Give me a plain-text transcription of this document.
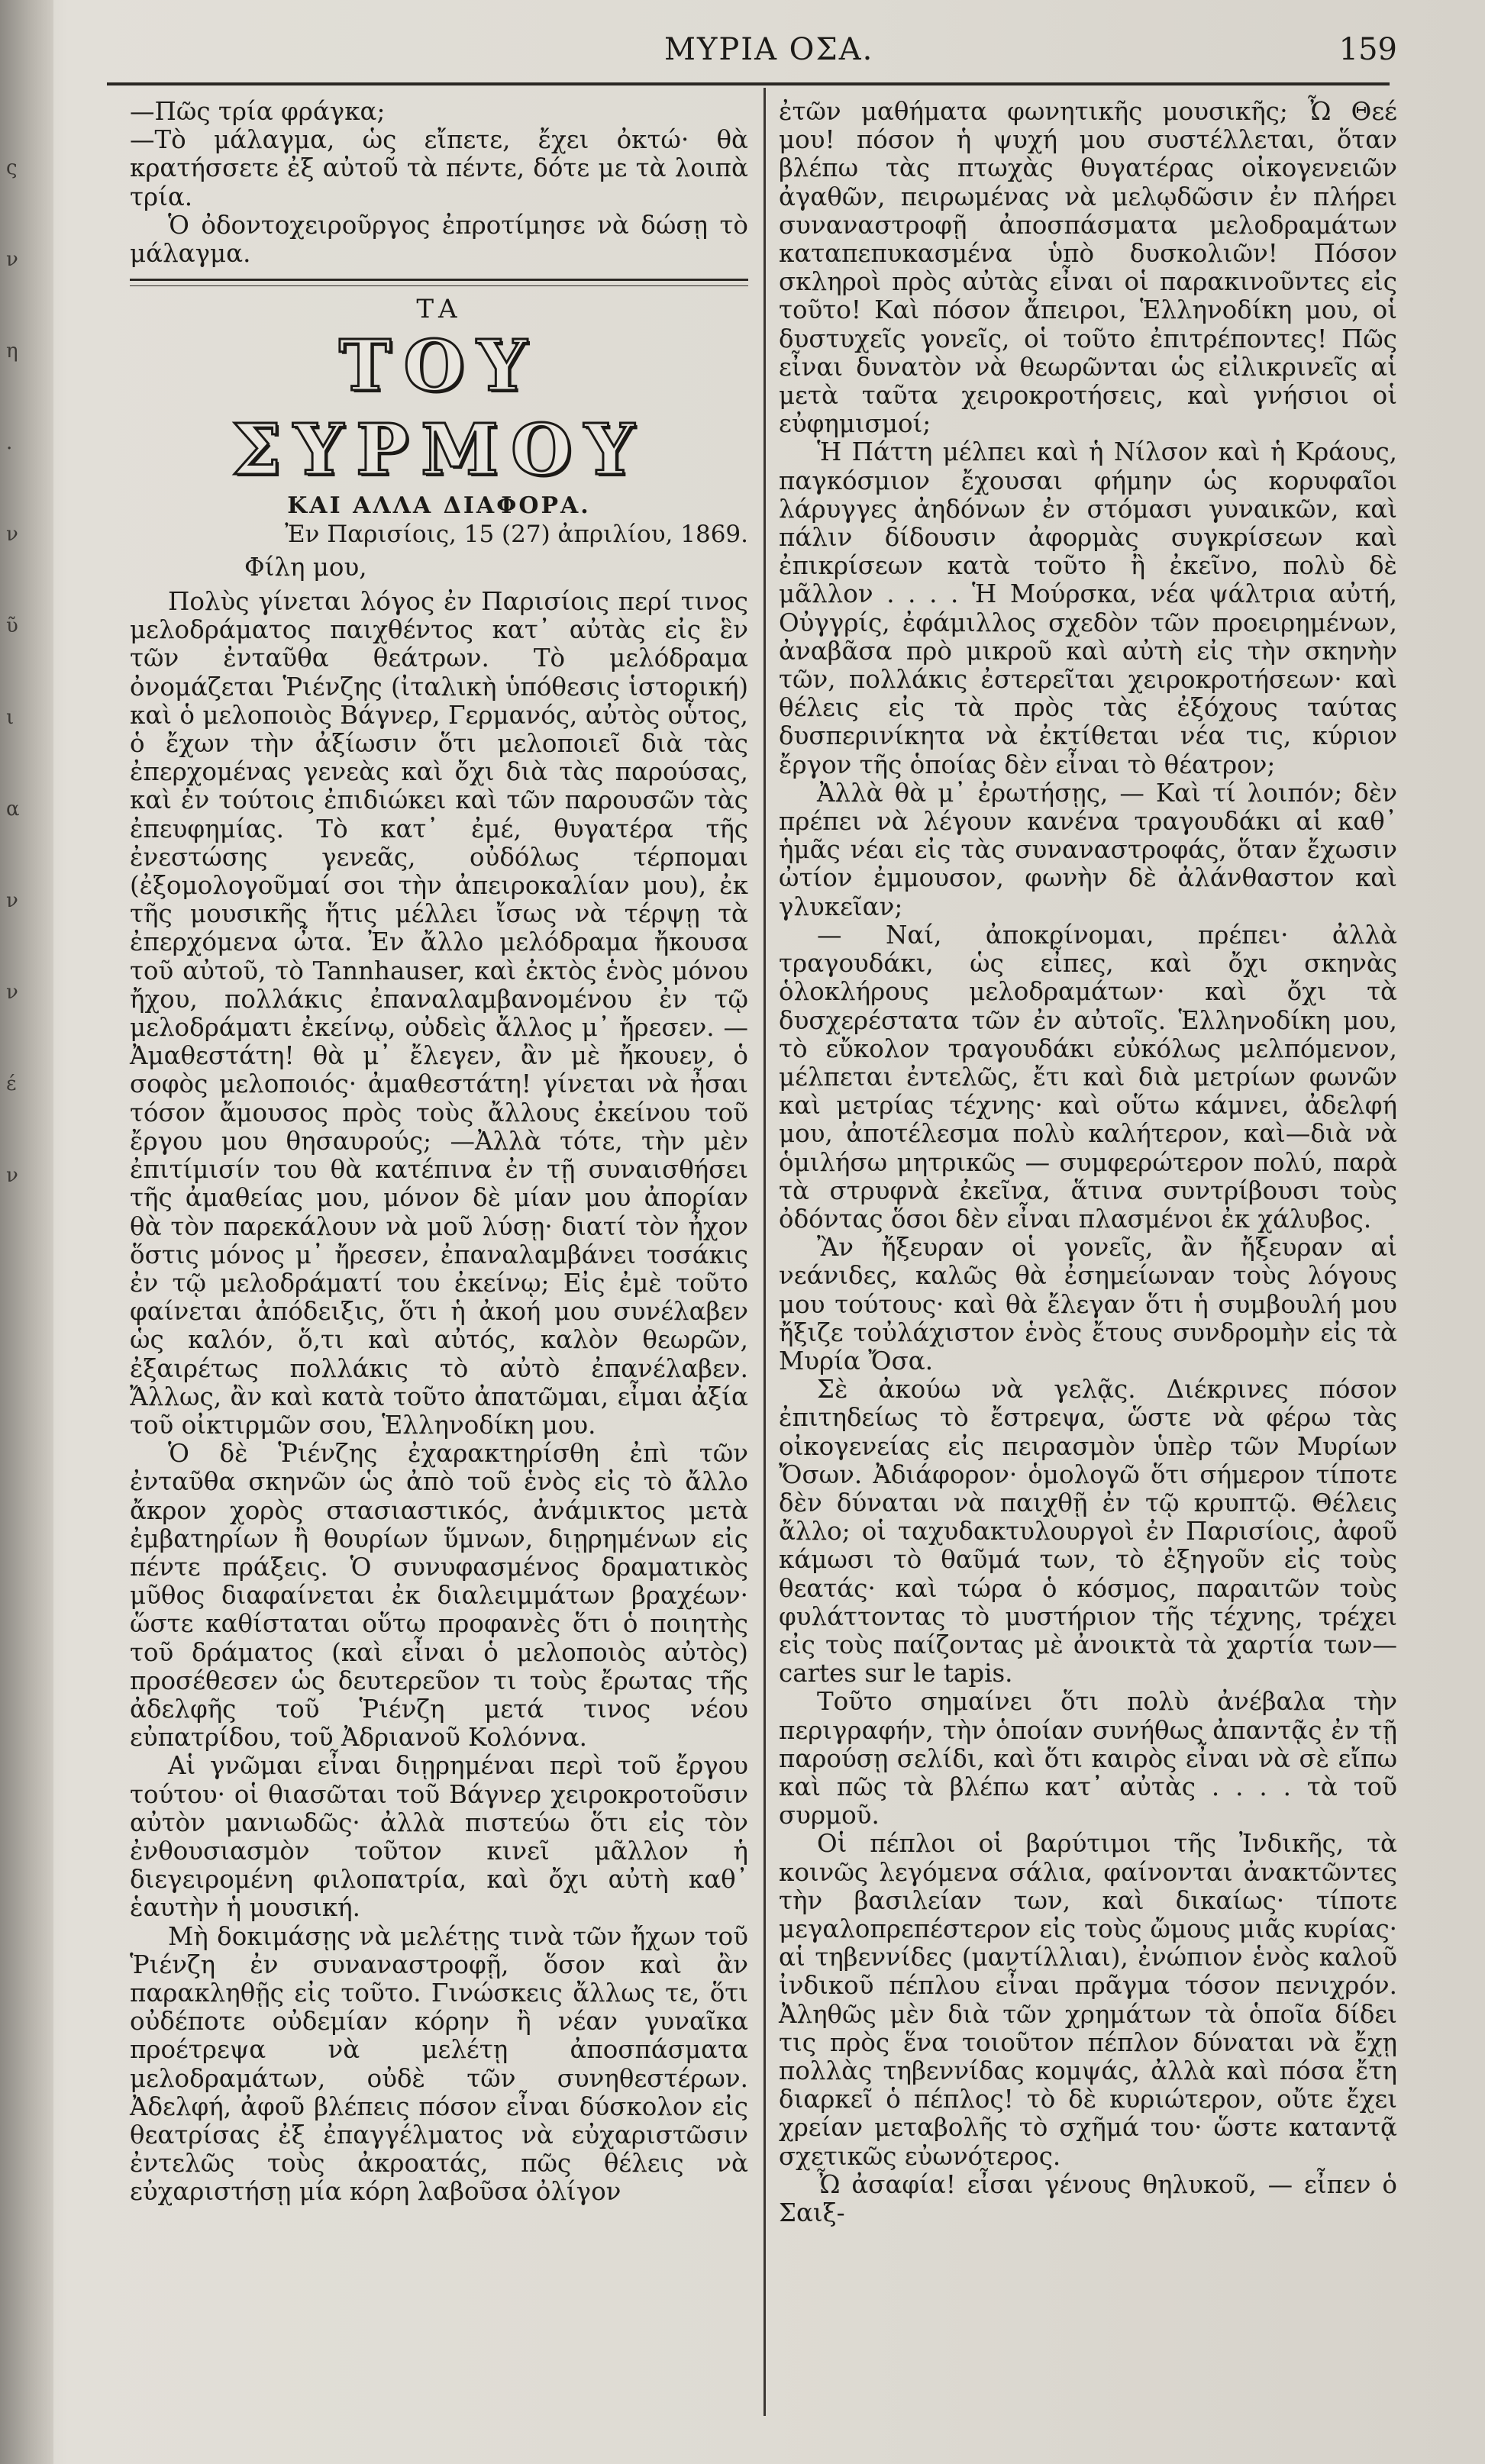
ς
ν
η
.
ν
ῦ
ι
α
ν
ν
έ
ν
ΜΥΡΙΑ ΟΣΑ.	159

—Πῶς τρία φράγκα;

—Τὸ μάλαγμα, ὡς εἴπετε, ἔχει ὀκτώ· θὰ κρατήσσετε ἐξ αὐτοῦ τὰ πέντε, δότε με τὰ λοιπὰ τρία.

Ὁ ὀδοντοχειροῦργος ἐπροτίμησε νὰ δώσῃ τὸ μάλαγμα.

ΤΑ

ΤΟΥ ΣΥΡΜΟΥ

ΚΑΙ ΑΛΛΑ ΔΙΑΦΟΡΑ.

Ἐν Παρισίοις, 15 (27) ἀπριλίου, 1869.

Φίλη μου,

Πολὺς γίνεται λόγος ἐν Παρισίοις περί τινος μελοδράματος παιχθέντος κατ᾽ αὐτὰς εἰς ἓν τῶν ἐνταῦθα θεάτρων. Τὸ μελόδραμα ὀνομάζεται Ῥιένζης (ἰταλικὴ ὑπόθεσις ἱστορική) καὶ ὁ μελοποιὸς Βάγνερ, Γερμανός, αὐτὸς οὗτος, ὁ ἔχων τὴν ἀξίωσιν ὅτι μελοποιεῖ διὰ τὰς ἐπερχομένας γενεὰς καὶ ὄχι διὰ τὰς παρούσας, καὶ ἐν τούτοις ἐπιδιώκει καὶ τῶν παρουσῶν τὰς ἐπευφημίας. Τὸ κατ᾽ ἐμέ, θυγατέρα τῆς ἐνεστώσης γενεᾶς, οὐδόλως τέρπομαι (ἐξομολογοῦμαί σοι τὴν ἀπειροκαλίαν μου), ἐκ τῆς μουσικῆς ἥτις μέλλει ἴσως νὰ τέρψῃ τὰ ἐπερχόμενα ὦτα. Ἐν ἄλλο μελόδραμα ἤκουσα τοῦ αὐτοῦ, τὸ Tannhauser, καὶ ἐκτὸς ἑνὸς μόνου ἤχου, πολλάκις ἐπαναλαμβανομένου ἐν τῷ μελοδράματι ἐκείνῳ, οὐδεὶς ἄλλος μ᾽ ἤρεσεν. — Ἀμαθεστάτη! θὰ μ᾽ ἔλεγεν, ἂν μὲ ἤκουεν, ὁ σοφὸς μελοποιός· ἀμαθεστάτη! γίνεται νὰ ἦσαι τόσον ἄμουσος πρὸς τοὺς ἄλλους ἐκείνου τοῦ ἔργου μου θησαυρούς; —Ἀλλὰ τότε, τὴν μὲν ἐπιτίμισίν του θὰ κατέπινα ἐν τῇ συναισθήσει τῆς ἀμαθείας μου, μόνον δὲ μίαν μου ἀπορίαν θὰ τὸν παρεκάλουν νὰ μοῦ λύσῃ· διατί τὸν ἦχον ὅστις μόνος μ᾽ ἤρεσεν, ἐπαναλαμβάνει τοσάκις ἐν τῷ μελοδράματί του ἐκείνῳ; Εἰς ἐμὲ τοῦτο φαίνεται ἀπόδειξις, ὅτι ἡ ἀκοή μου συνέλαβεν ὡς καλόν, ὅ,τι καὶ αὐτός, καλὸν θεωρῶν, ἐξαιρέτως πολλάκις τὸ αὐτὸ ἐπανέλαβεν. Ἄλλως, ἂν καὶ κατὰ τοῦτο ἀπατῶμαι, εἶμαι ἀξία τοῦ οἰκτιρμῶν σου, Ἑλληνοδίκη μου.

Ὁ δὲ Ῥιένζης ἐχαρακτηρίσθη ἐπὶ τῶν ἐνταῦθα σκηνῶν ὡς ἀπὸ τοῦ ἑνὸς εἰς τὸ ἄλλο ἄκρον χορὸς στασιαστικός, ἀνάμικτος μετὰ ἐμβατηρίων ἢ θουρίων ὕμνων, διῃρημένων εἰς πέντε πράξεις. Ὁ συνυφασμένος δραματικὸς μῦθος διαφαίνεται ἐκ διαλειμμάτων βραχέων· ὥστε καθίσταται οὕτω προφανὲς ὅτι ὁ ποιητὴς τοῦ δράματος (καὶ εἶναι ὁ μελοποιὸς αὐτὸς) προσέθεσεν ὡς δευτερεῦον τι τοὺς ἔρωτας τῆς ἀδελφῆς τοῦ Ῥιένζη μετά τινος νέου εὐπατρίδου, τοῦ Ἀδριανοῦ Κολόννα.

Αἱ γνῶμαι εἶναι διῃρημέναι περὶ τοῦ ἔργου τούτου· οἱ θιασῶται τοῦ Βάγνερ χειροκροτοῦσιν αὐτὸν μανιωδῶς· ἀλλὰ πιστεύω ὅτι εἰς τὸν ἐνθουσιασμὸν τοῦτον κινεῖ μᾶλλον ἡ διεγειρομένη φιλοπατρία, καὶ ὄχι αὐτὴ καθ᾽ ἑαυτὴν ἡ μουσική.

Μὴ δοκιμάσῃς νὰ μελέτῃς τινὰ τῶν ἤχων τοῦ Ῥιένζη ἐν συναναστροφῇ, ὅσον καὶ ἂν παρακληθῇς εἰς τοῦτο. Γινώσκεις ἄλλως τε, ὅτι οὐδέποτε οὐδεμίαν κόρην ἢ νέαν γυναῖκα προέτρεψα νὰ μελέτῃ ἀποσπάσματα μελοδραμάτων, οὐδὲ τῶν συνηθεστέρων. Ἀδελφή, ἀφοῦ βλέπεις πόσον εἶναι δύσκολον εἰς θεατρίσας ἐξ ἐπαγγέλματος νὰ εὐχαριστῶσιν ἐντελῶς τοὺς ἀκροατάς, πῶς θέλεις νὰ εὐχαριστήσῃ μία κόρη λαβοῦσα ὀλίγον

ἐτῶν μαθήματα φωνητικῆς μουσικῆς; Ὦ Θεέ μου! πόσον ἡ ψυχή μου συστέλλεται, ὅταν βλέπω τὰς πτωχὰς θυγατέρας οἰκογενειῶν ἀγαθῶν, πειρωμένας νὰ μελῳδῶσιν ἐν πλήρει συναναστροφῇ ἀποσπάσματα μελοδραμάτων καταπεπυκασμένα ὑπὸ δυσκολιῶν! Πόσον σκληροὶ πρὸς αὐτὰς εἶναι οἱ παρακινοῦντες εἰς τοῦτο! Καὶ πόσον ἄπειροι, Ἑλληνοδίκη μου, οἱ δυστυχεῖς γονεῖς, οἱ τοῦτο ἐπιτρέποντες! Πῶς εἶναι δυνατὸν νὰ θεωρῶνται ὡς εἰλικρινεῖς αἱ μετὰ ταῦτα χειροκροτήσεις, καὶ γνήσιοι οἱ εὐφημισμοί;

Ἡ Πάττη μέλπει καὶ ἡ Νίλσον καὶ ἡ Κράους, παγκόσμιον ἔχουσαι φήμην ὡς κορυφαῖοι λάρυγγες ἀηδόνων ἐν στόμασι γυναικῶν, καὶ πάλιν δίδουσιν ἀφορμὰς συγκρίσεων καὶ ἐπικρίσεων κατὰ τοῦτο ἢ ἐκεῖνο, πολὺ δὲ μᾶλλον . . . . Ἡ Μούρσκα, νέα ψάλτρια αὐτή, Οὐγγρίς, ἐφάμιλλος σχεδὸν τῶν προειρημένων, ἀναβᾶσα πρὸ μικροῦ καὶ αὐτὴ εἰς τὴν σκηνὴν τῶν, πολλάκις ἐστερεῖται χειροκροτήσεων· καὶ θέλεις εἰς τὰ πρὸς τὰς ἐξόχους ταύτας δυσπερινίκητα νὰ ἐκτίθεται νέα τις, κύριον ἔργον τῆς ὁποίας δὲν εἶναι τὸ θέατρον;

Ἀλλὰ θὰ μ᾽ ἐρωτήσῃς, — Καὶ τί λοιπόν; δὲν πρέπει νὰ λέγουν κανένα τραγουδάκι αἱ καθ᾽ ἡμᾶς νέαι εἰς τὰς συναναστροφάς, ὅταν ἔχωσιν ὠτίον ἐμμουσον, φωνὴν δὲ ἀλάνθαστον καὶ γλυκεῖαν;

— Ναί, ἀποκρίνομαι, πρέπει· ἀλλὰ τραγουδάκι, ὡς εἶπες, καὶ ὄχι σκηνὰς ὁλοκλήρους μελοδραμάτων· καὶ ὄχι τὰ δυσχερέστατα τῶν ἐν αὐτοῖς. Ἑλληνοδίκη μου, τὸ εὔκολον τραγουδάκι εὐκόλως μελπόμενον, μέλπεται ἐντελῶς, ἔτι καὶ διὰ μετρίων φωνῶν καὶ μετρίας τέχνης· καὶ οὕτω κάμνει, ἀδελφή μου, ἀποτέλεσμα πολὺ καλήτερον, καὶ—διὰ νὰ ὁμιλήσω μητρικῶς — συμφερώτερον πολύ, παρὰ τὰ στρυφνὰ ἐκεῖνα, ἅτινα συντρίβουσι τοὺς ὀδόντας ὅσοι δὲν εἶναι πλασμένοι ἐκ χάλυβος.

Ἂν ἤξευραν οἱ γονεῖς, ἂν ἤξευραν αἱ νεάνιδες, καλῶς θὰ ἐσημείωναν τοὺς λόγους μου τούτους· καὶ θὰ ἔλεγαν ὅτι ἡ συμβουλή μου ἤξιζε τοὐλάχιστον ἑνὸς ἔτους συνδρομὴν εἰς τὰ Μυρία Ὄσα.

Σὲ ἀκούω νὰ γελᾷς. Διέκρινες πόσον ἐπιτηδείως τὸ ἔστρεψα, ὥστε νὰ φέρω τὰς οἰκογενείας εἰς πειρασμὸν ὑπὲρ τῶν Μυρίων Ὄσων. Ἀδιάφορον· ὁμολογῶ ὅτι σήμερον τίποτε δὲν δύναται νὰ παιχθῇ ἐν τῷ κρυπτῷ. Θέλεις ἄλλο; οἱ ταχυδακτυλουργοὶ ἐν Παρισίοις, ἀφοῦ κάμωσι τὸ θαῦμά των, τὸ ἐξηγοῦν εἰς τοὺς θεατάς· καὶ τώρα ὁ κόσμος, παραιτῶν τοὺς φυλάττοντας τὸ μυστήριον τῆς τέχνης, τρέχει εἰς τοὺς παίζοντας μὲ ἀνοικτὰ τὰ χαρτία των— cartes sur le tapis.

Τοῦτο σημαίνει ὅτι πολὺ ἀνέβαλα τὴν περιγραφήν, τὴν ὁποίαν συνήθως ἀπαντᾷς ἐν τῇ παρούσῃ σελίδι, καὶ ὅτι καιρὸς εἶναι νὰ σὲ εἴπω καὶ πῶς τὰ βλέπω κατ᾽ αὐτὰς . . . . τὰ τοῦ συρμοῦ.

Οἱ πέπλοι οἱ βαρύτιμοι τῆς Ἰνδικῆς, τὰ κοινῶς λεγόμενα σάλια, φαίνονται ἀνακτῶντες τὴν βασιλείαν των, καὶ δικαίως· τίποτε μεγαλοπρεπέστερον εἰς τοὺς ὤμους μιᾶς κυρίας· αἱ τηβεννίδες (μαντίλλιαι), ἐνώπιον ἑνὸς καλοῦ ἰνδικοῦ πέπλου εἶναι πρᾶγμα τόσον πενιχρόν. Ἀληθῶς μὲν διὰ τῶν χρημάτων τὰ ὁποῖα δίδει τις πρὸς ἕνα τοιοῦτον πέπλον δύναται νὰ ἔχῃ πολλὰς τηβεννίδας κομψάς, ἀλλὰ καὶ πόσα ἔτη διαρκεῖ ὁ πέπλος! τὸ δὲ κυριώτερον, οὔτε ἔχει χρείαν μεταβολῆς τὸ σχῆμά του· ὥστε καταντᾷ σχετικῶς εὐωνότερος.

Ὦ ἀσαφία! εἶσαι γένους θηλυκοῦ, — εἶπεν ὁ Σαιξ-
